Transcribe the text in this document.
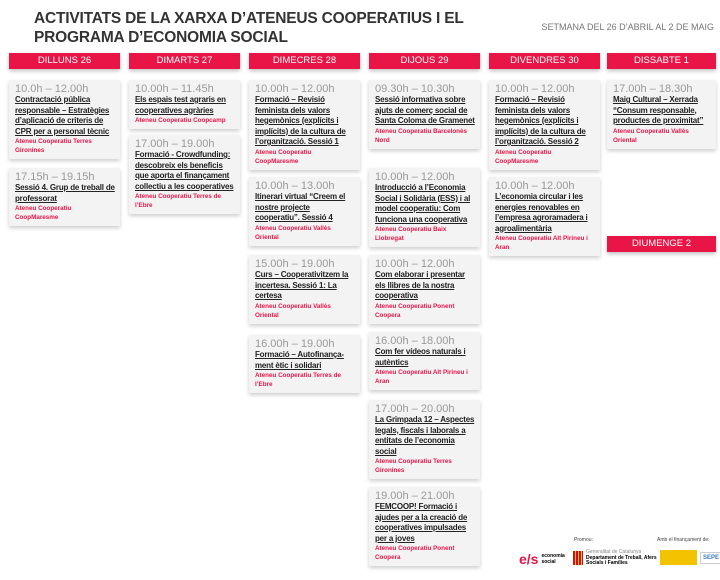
ACTIVITATS DE LA XARXA D’ATENEUS COOPERATIUS I EL PROGRAMA D’ECONOMIA SOCIAL
SETMANA DEL 26 D’ABRIL AL 2 DE MAIG
DILLUNS 26
10.0h – 12.00h
Contractació pública responsable – Estratègies d’aplicació de criteris de CPR per a personal tècnic
Ateneu Cooperatiu Terres Gironines
17.15h – 19.15h
Sessió 4. Grup de treball de professorat
Ateneu Cooperatiu CoopMaresme
DIMARTS 27
10.00h – 11.45h
Els espais test agraris en cooperatives agràries
Ateneu Cooperatiu Coopcamp
17.00h – 19.00h
Formació - Crowdfunding: descobreix els beneficis que aporta el finançament collectiu a les cooperatives
Ateneu Cooperatiu Terres de l’Ebre
DIMECRES 28
10.00h – 12.00h
Formació – Revisió feminista dels valors hegemònics (explícits i implícits) de la cultura de l’organització. Sessió 1
Ateneu Cooperatiu CoopMaresme
10.00h – 13.00h
Itinerari virtual “Creem el nostre projecte cooperatiu”. Sessió 4
Ateneu Cooperatiu Vallès Oriental
15.00h – 19.00h
Curs – Cooperativitzem la incertesa. Sessió 1: La certesa
Ateneu Cooperatiu Vallès Oriental
16.00h – 19.00h
Formació – Autofinança-ment ètic i solidari
Ateneu Cooperatiu Terres de l’Ebre
DIJOUS 29
09.30h – 10.30h
Sessió informativa sobre ajuts de comerç social de Santa Coloma de Gramenet
Ateneu Cooperatiu Barcelonès Nord
10.00h – 12.00h
Introducció a l’Economia Social i Solidària (ESS) i al model cooperatiu: Com funciona una cooperativa
Ateneu Cooperatiu Baix Llobregat
10.00h – 12.00h
Com elaborar i presentar els llibres de la nostra cooperativa
Ateneu Cooperatiu Ponent Coopera
16.00h – 18.00h
Com fer vídeos naturals i autèntics
Ateneu Cooperatiu Alt Pirineu i Aran
17.00h – 20.00h
La Grimpada 12 – Aspectes legals, fiscals i laborals a entitats de l’economia social
Ateneu Cooperatiu Terres Gironines
19.00h – 21.00h
FEMCOOP! Formació i ajudes per a la creació de cooperatives impulsades per a joves
Ateneu Cooperatiu Ponent Coopera
DIVENDRES 30
10.00h – 12.00h
Formació – Revisió feminista dels valors hegemònics (explícits i implícits) de la cultura de l’organització. Sessió 2
Ateneu Cooperatiu CoopMaresme
10.00h – 12.00h
L’economia circular i les energies renovables en l’empresa agroramadera i agroalimentària
Ateneu Cooperatiu Alt Pirineu i Aran
DISSABTE 1
17.00h – 18.30h
Maig Cultural – Xerrada “Consum responsable, productes de proximitat”
Ateneu Cooperatiu Vallès Oriental
DIUMENGE 2
Promou:	Amb el finançament de:
e/s economia social
Generalitat de Catalunya
Departament de Treball, Afers Socials i Famílies
SEPE
